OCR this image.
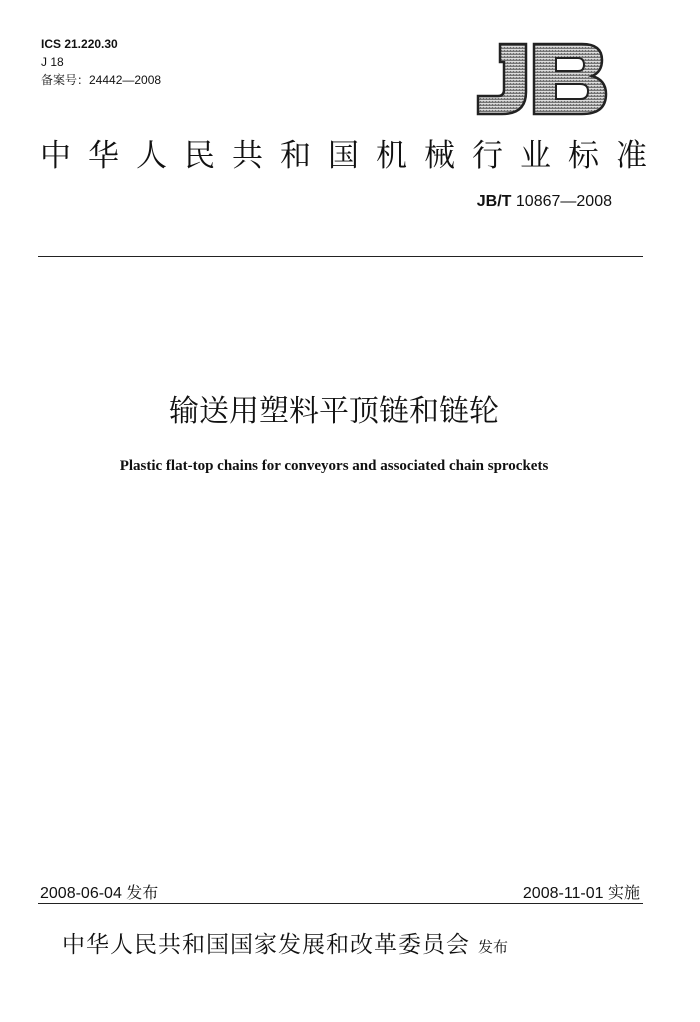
ICS 21.220.30
J 18
备案号：24442—2008
中华人民共和国机械行业标准
JB/T 10867—2008
输送用塑料平顶链和链轮
Plastic flat-top chains for conveyors and associated chain sprockets
2008-06-04 发布	2008-11-01 实施
中华人民共和国国家发展和改革委员会 发布
